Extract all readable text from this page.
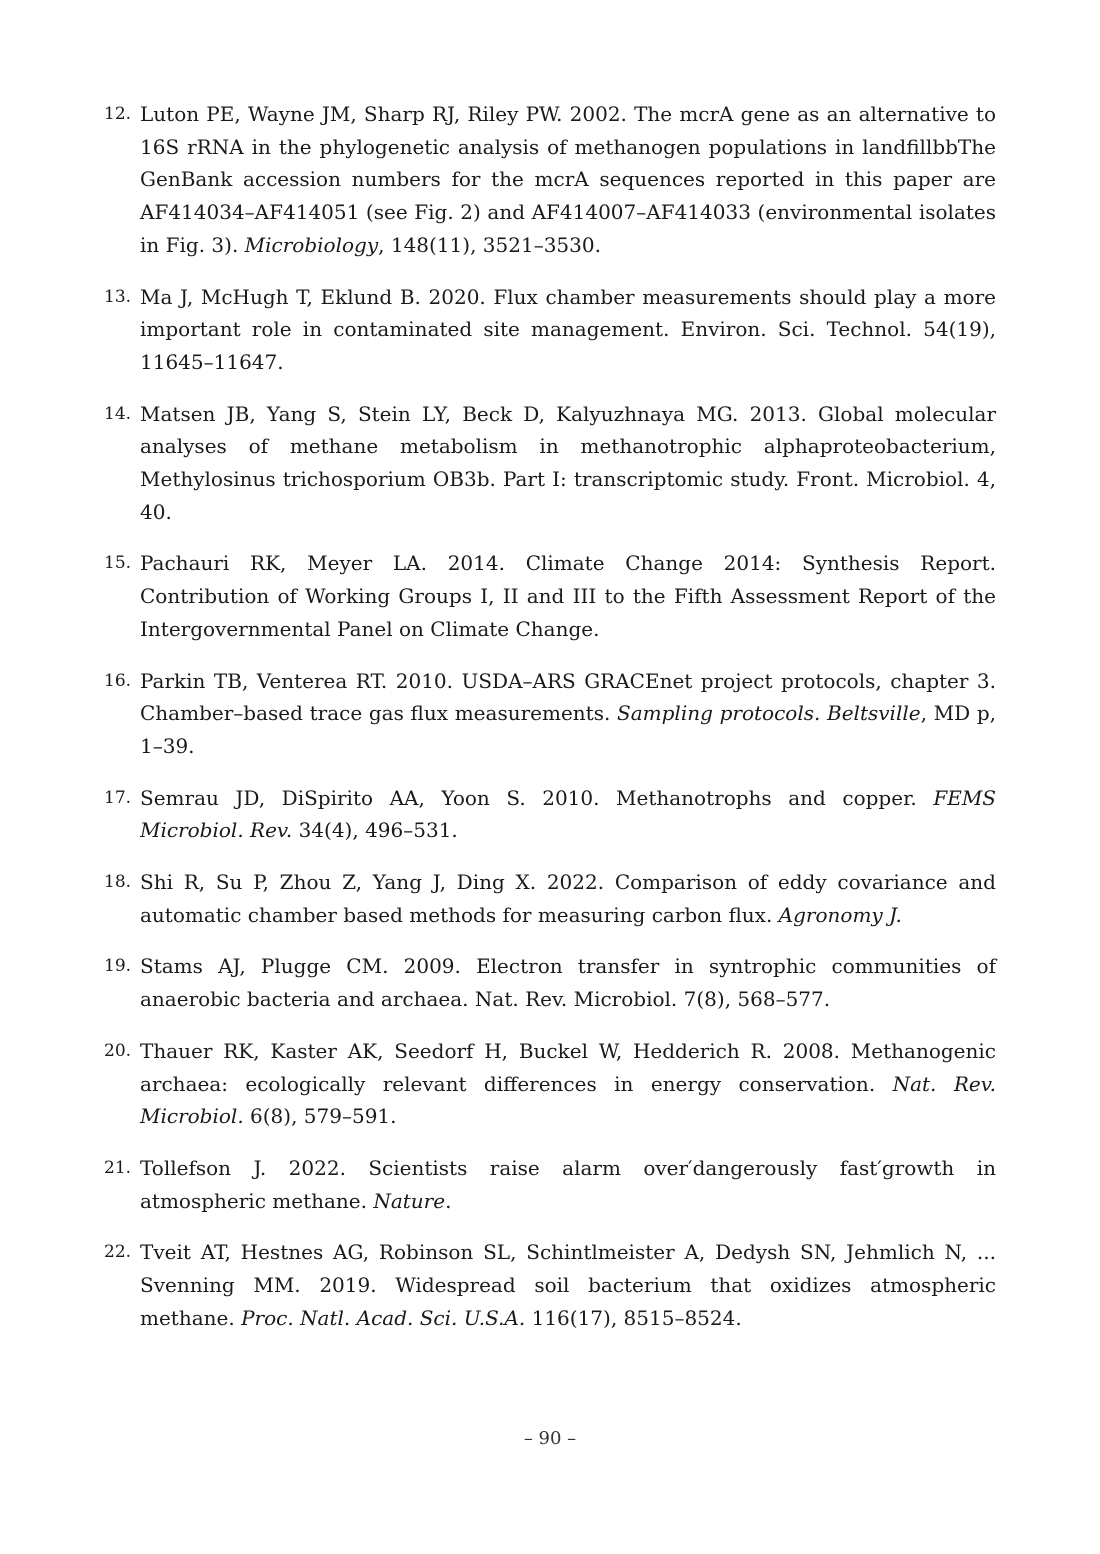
12. Luton PE, Wayne JM, Sharp RJ, Riley PW. 2002. The mcrA gene as an alternative to 16S rRNA in the phylogenetic analysis of methanogen populations in landfillbbThe GenBank accession numbers for the mcrA sequences reported in this paper are AF414034–AF414051 (see Fig. 2) and AF414007–AF414033 (environmental isolates in Fig. 3). Microbiology, 148(11), 3521–3530.
13. Ma J, McHugh T, Eklund B. 2020. Flux chamber measurements should play a more important role in contaminated site management. Environ. Sci. Technol. 54(19), 11645–11647.
14. Matsen JB, Yang S, Stein LY, Beck D, Kalyuzhnaya MG. 2013. Global molecular analyses of methane metabolism in methanotrophic alphaproteobacterium, Methylosinus trichosporium OB3b. Part I: transcriptomic study. Front. Microbiol. 4, 40.
15. Pachauri RK, Meyer LA. 2014. Climate Change 2014: Synthesis Report. Contribution of Working Groups I, II and III to the Fifth Assessment Report of the Intergovernmental Panel on Climate Change.
16. Parkin TB, Venterea RT. 2010. USDA–ARS GRACEnet project protocols, chapter 3. Chamber–based trace gas flux measurements. Sampling protocols. Beltsville, MD p, 1–39.
17. Semrau JD, DiSpirito AA, Yoon S. 2010. Methanotrophs and copper. FEMS Microbiol. Rev. 34(4), 496–531.
18. Shi R, Su P, Zhou Z, Yang J, Ding X. 2022. Comparison of eddy covariance and automatic chamber based methods for measuring carbon flux. Agronomy J.
19. Stams AJ, Plugge CM. 2009. Electron transfer in syntrophic communities of anaerobic bacteria and archaea. Nat. Rev. Microbiol. 7(8), 568–577.
20. Thauer RK, Kaster AK, Seedorf H, Buckel W, Hedderich R. 2008. Methanogenic archaea: ecologically relevant differences in energy conservation. Nat. Rev. Microbiol. 6(8), 579–591.
21. Tollefson J. 2022. Scientists raise alarm over′dangerously fast′growth in atmospheric methane. Nature.
22. Tveit AT, Hestnes AG, Robinson SL, Schintlmeister A, Dedysh SN, Jehmlich N, ... Svenning MM. 2019. Widespread soil bacterium that oxidizes atmospheric methane. Proc. Natl. Acad. Sci. U.S.A. 116(17), 8515–8524.
– 90 –
